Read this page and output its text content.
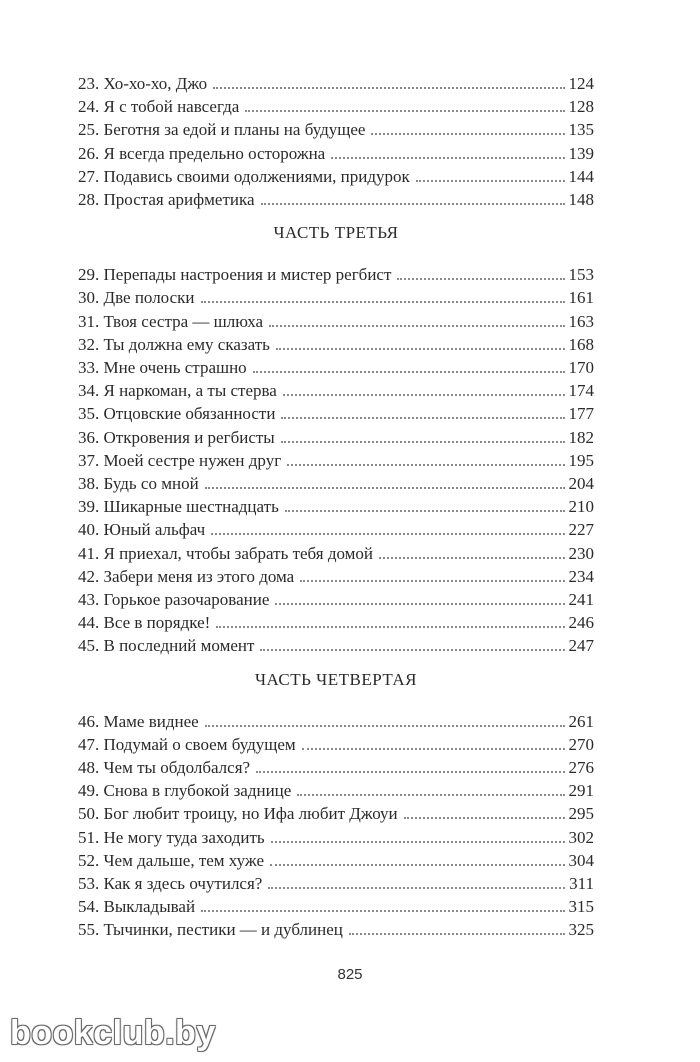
23. Хо-хо-хо, Джо	124
24. Я с тобой навсегда	128
25. Беготня за едой и планы на будущее	135
26. Я всегда предельно осторожна	139
27. Подавись своими одолжениями, придурок	144
28. Простая арифметика	148
ЧАСТЬ ТРЕТЬЯ
29. Перепады настроения и мистер регбист	153
30. Две полоски	161
31. Твоя сестра — шлюха	163
32. Ты должна ему сказать	168
33. Мне очень страшно	170
34. Я наркоман, а ты стерва	174
35. Отцовские обязанности	177
36. Откровения и регбисты	182
37. Моей сестре нужен друг	195
38. Будь со мной	204
39. Шикарные шестнадцать	210
40. Юный альфач	227
41. Я приехал, чтобы забрать тебя домой	230
42. Забери меня из этого дома	234
43. Горькое разочарование	241
44. Все в порядке!	246
45. В последний момент	247
ЧАСТЬ ЧЕТВЕРТАЯ
46. Маме виднее	261
47. Подумай о своем будущем	270
48. Чем ты обдолбался?	276
49. Снова в глубокой заднице	291
50. Бог любит троицу, но Ифа любит Джоуи	295
51. Не могу туда заходить	302
52. Чем дальше, тем хуже	304
53. Как я здесь очутился?	311
54. Выкладывай	315
55. Тычинки, пестики — и дублинец	325
825
bookclub.by
